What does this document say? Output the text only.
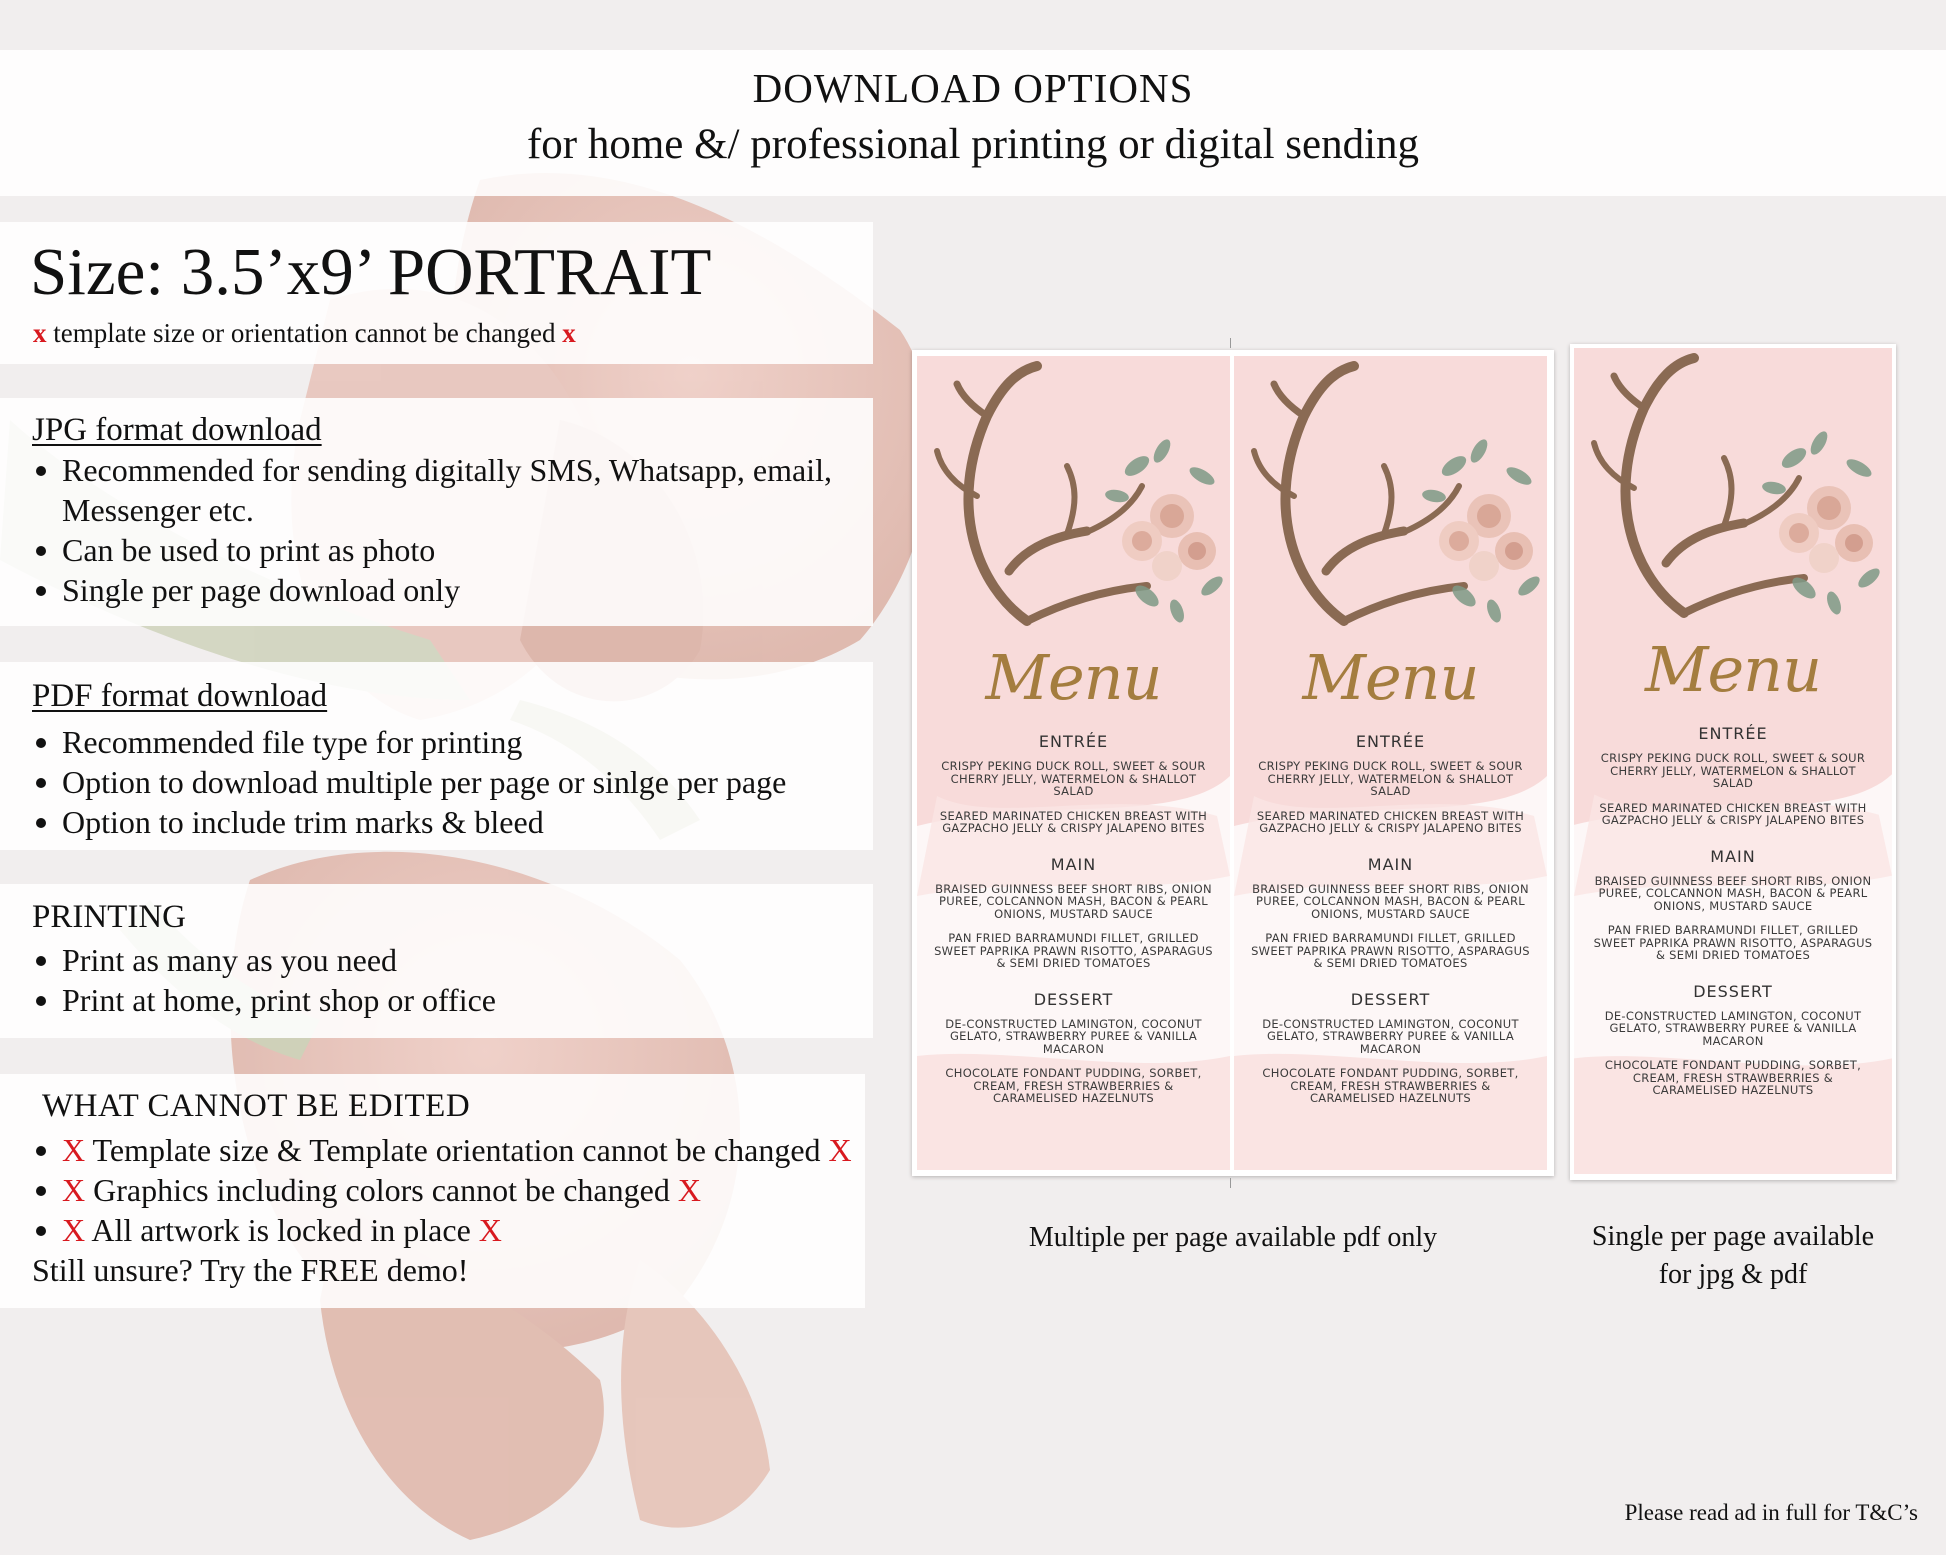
DOWNLOAD OPTIONS
for home &/ professional printing or digital sending
Size: 3.5’x9’ PORTRAIT
x template size or orientation cannot be changed x
JPG format download
Recommended for sending digitally SMS, Whatsapp, email,
Messenger etc.
Can be used to print as photo
Single per page download only
PDF format download
Recommended file type for printing
Option to download multiple per page or sinlge per page
Option to include trim marks & bleed
PRINTING
Print as many as you need
Print at home, print shop or office
WHAT CANNOT BE EDITED
X Template size & Template orientation cannot be changed X
X Graphics including colors cannot be changed X
X All artwork is locked in place X
Still unsure? Try the FREE demo!
Menu
ENTRÉE
CRISPY PEKING DUCK ROLL, SWEET & SOUR CHERRY JELLY, WATERMELON & SHALLOT SALAD
SEARED MARINATED CHICKEN BREAST WITH GAZPACHO JELLY & CRISPY JALAPENO BITES
MAIN
BRAISED GUINNESS BEEF SHORT RIBS, ONION PUREE, COLCANNON MASH, BACON & PEARL ONIONS, MUSTARD SAUCE
PAN FRIED BARRAMUNDI FILLET, GRILLED SWEET PAPRIKA PRAWN RISOTTO, ASPARAGUS & SEMI DRIED TOMATOES
DESSERT
DE-CONSTRUCTED LAMINGTON, COCONUT GELATO, STRAWBERRY PUREE & VANILLA MACARON
CHOCOLATE FONDANT PUDDING, SORBET, CREAM, FRESH STRAWBERRIES & CARAMELISED HAZELNUTS
Menu
ENTRÉE
CRISPY PEKING DUCK ROLL, SWEET & SOUR CHERRY JELLY, WATERMELON & SHALLOT SALAD
SEARED MARINATED CHICKEN BREAST WITH GAZPACHO JELLY & CRISPY JALAPENO BITES
MAIN
BRAISED GUINNESS BEEF SHORT RIBS, ONION PUREE, COLCANNON MASH, BACON & PEARL ONIONS, MUSTARD SAUCE
PAN FRIED BARRAMUNDI FILLET, GRILLED SWEET PAPRIKA PRAWN RISOTTO, ASPARAGUS & SEMI DRIED TOMATOES
DESSERT
DE-CONSTRUCTED LAMINGTON, COCONUT GELATO, STRAWBERRY PUREE & VANILLA MACARON
CHOCOLATE FONDANT PUDDING, SORBET, CREAM, FRESH STRAWBERRIES & CARAMELISED HAZELNUTS
Menu
ENTRÉE
CRISPY PEKING DUCK ROLL, SWEET & SOUR CHERRY JELLY, WATERMELON & SHALLOT SALAD
SEARED MARINATED CHICKEN BREAST WITH GAZPACHO JELLY & CRISPY JALAPENO BITES
MAIN
BRAISED GUINNESS BEEF SHORT RIBS, ONION PUREE, COLCANNON MASH, BACON & PEARL ONIONS, MUSTARD SAUCE
PAN FRIED BARRAMUNDI FILLET, GRILLED SWEET PAPRIKA PRAWN RISOTTO, ASPARAGUS & SEMI DRIED TOMATOES
DESSERT
DE-CONSTRUCTED LAMINGTON, COCONUT GELATO, STRAWBERRY PUREE & VANILLA MACARON
CHOCOLATE FONDANT PUDDING, SORBET, CREAM, FRESH STRAWBERRIES & CARAMELISED HAZELNUTS
Multiple per page available pdf only	Single per page available
for jpg & pdf
Please read ad in full for T&C’s
